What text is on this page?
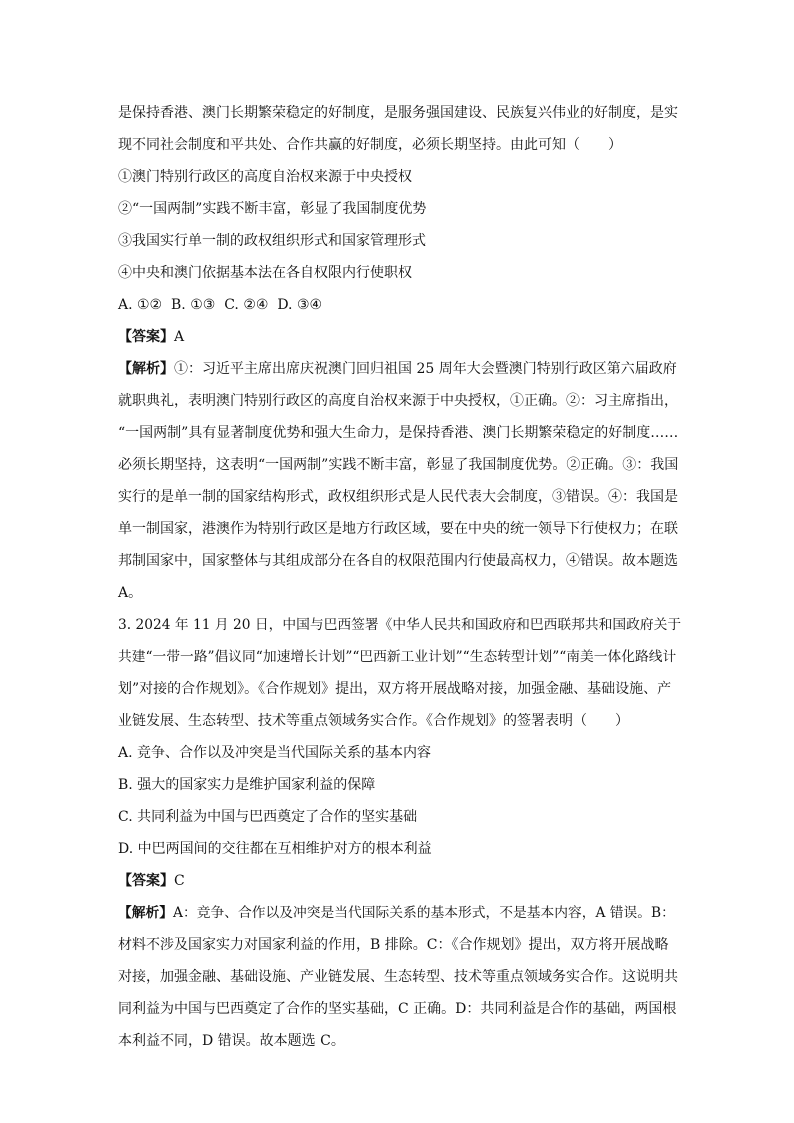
是保持香港、澳门长期繁荣稳定的好制度，是服务强国建设、民族复兴伟业的好制度，是实
现不同社会制度和平共处、合作共赢的好制度，必须长期坚持。由此可知（　　）
①澳门特别行政区的高度自治权来源于中央授权
②“一国两制”实践不断丰富，彰显了我国制度优势
③我国实行单一制的政权组织形式和国家管理形式
④中央和澳门依据基本法在各自权限内行使职权
A. ①②  B. ①③  C. ②④  D. ③④
【答案】A
【解析】①：习近平主席出席庆祝澳门回归祖国 25 周年大会暨澳门特别行政区第六届政府
就职典礼，表明澳门特别行政区的高度自治权来源于中央授权，①正确。②：习主席指出，
“一国两制”具有显著制度优势和强大生命力，是保持香港、澳门长期繁荣稳定的好制度……
必须长期坚持，这表明“一国两制”实践不断丰富，彰显了我国制度优势。②正确。③：我国
实行的是单一制的国家结构形式，政权组织形式是人民代表大会制度，③错误。④：我国是
单一制国家，港澳作为特别行政区是地方行政区域，要在中央的统一领导下行使权力；在联
邦制国家中，国家整体与其组成部分在各自的权限范围内行使最高权力，④错误。故本题选
A。
3. 2024 年 11 月 20 日，中国与巴西签署《中华人民共和国政府和巴西联邦共和国政府关于
共建“一带一路”倡议同“加速增长计划”“巴西新工业计划”“生态转型计划”“南美一体化路线计
划”对接的合作规划》。《合作规划》提出，双方将开展战略对接，加强金融、基础设施、产
业链发展、生态转型、技术等重点领域务实合作。《合作规划》的签署表明（　　）
A. 竞争、合作以及冲突是当代国际关系的基本内容
B. 强大的国家实力是维护国家利益的保障
C. 共同利益为中国与巴西奠定了合作的坚实基础
D. 中巴两国间的交往都在互相维护对方的根本利益
【答案】C
【解析】A：竞争、合作以及冲突是当代国际关系的基本形式，不是基本内容，A 错误。B：
材料不涉及国家实力对国家利益的作用，B 排除。C：《合作规划》提出，双方将开展战略
对接，加强金融、基础设施、产业链发展、生态转型、技术等重点领域务实合作。这说明共
同利益为中国与巴西奠定了合作的坚实基础，C 正确。D：共同利益是合作的基础，两国根
本利益不同，D 错误。故本题选 C。
